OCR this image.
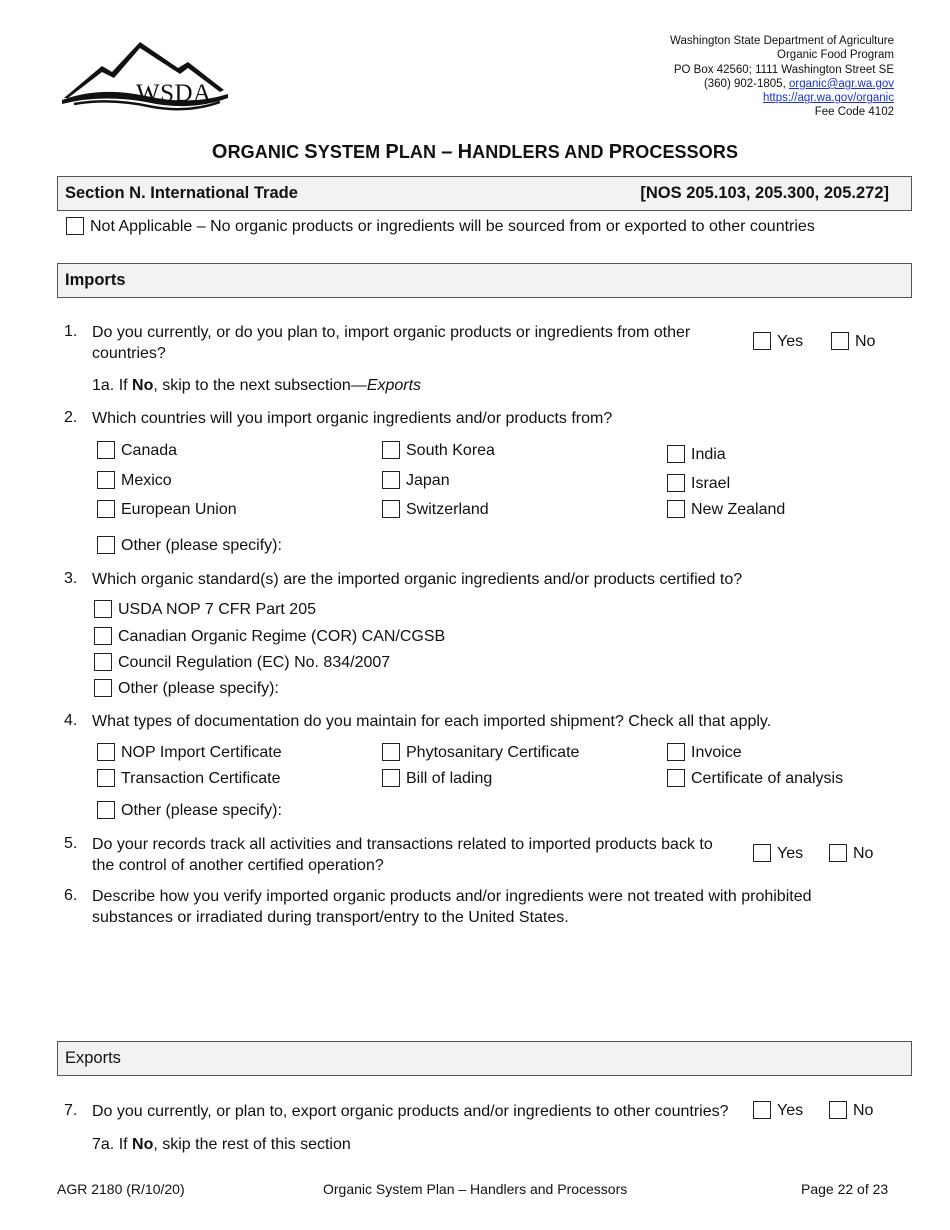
WSDA
Washington State Department of Agriculture
Organic Food Program
PO Box 42560; 1111 Washington Street SE
(360) 902-1805, organic@agr.wa.gov
https://agr.wa.gov/organic
Fee Code 4102
ORGANIC SYSTEM PLAN – HANDLERS AND PROCESSORS
Section N. International Trade	[NOS 205.103, 205.300, 205.272]
Not Applicable – No organic products or ingredients will be sourced from or exported to other countries
Imports
1. Do you currently, or do you plan to, import organic products or ingredients from other countries?
Yes	No
1a. If No, skip to the next subsection—Exports
2. Which countries will you import organic ingredients and/or products from?
Canada
Mexico
European Union
South Korea
Japan
Switzerland
India
Israel
New Zealand
Other (please specify):
3. Which organic standard(s) are the imported organic ingredients and/or products certified to?
USDA NOP 7 CFR Part 205
Canadian Organic Regime (COR) CAN/CGSB
Council Regulation (EC) No. 834/2007
Other (please specify):
4. What types of documentation do you maintain for each imported shipment? Check all that apply.
NOP Import Certificate
Transaction Certificate
Phytosanitary Certificate
Bill of lading
Invoice
Certificate of analysis
Other (please specify):
5. Do your records track all activities and transactions related to imported products back to the control of another certified operation?
Yes	No
6. Describe how you verify imported organic products and/or ingredients were not treated with prohibited substances or irradiated during transport/entry to the United States.
Exports
7. Do you currently, or plan to, export organic products and/or ingredients to other countries?	Yes	No
7a. If No, skip the rest of this section
AGR 2180 (R/10/20)	Organic System Plan – Handlers and Processors	Page 22 of 23
